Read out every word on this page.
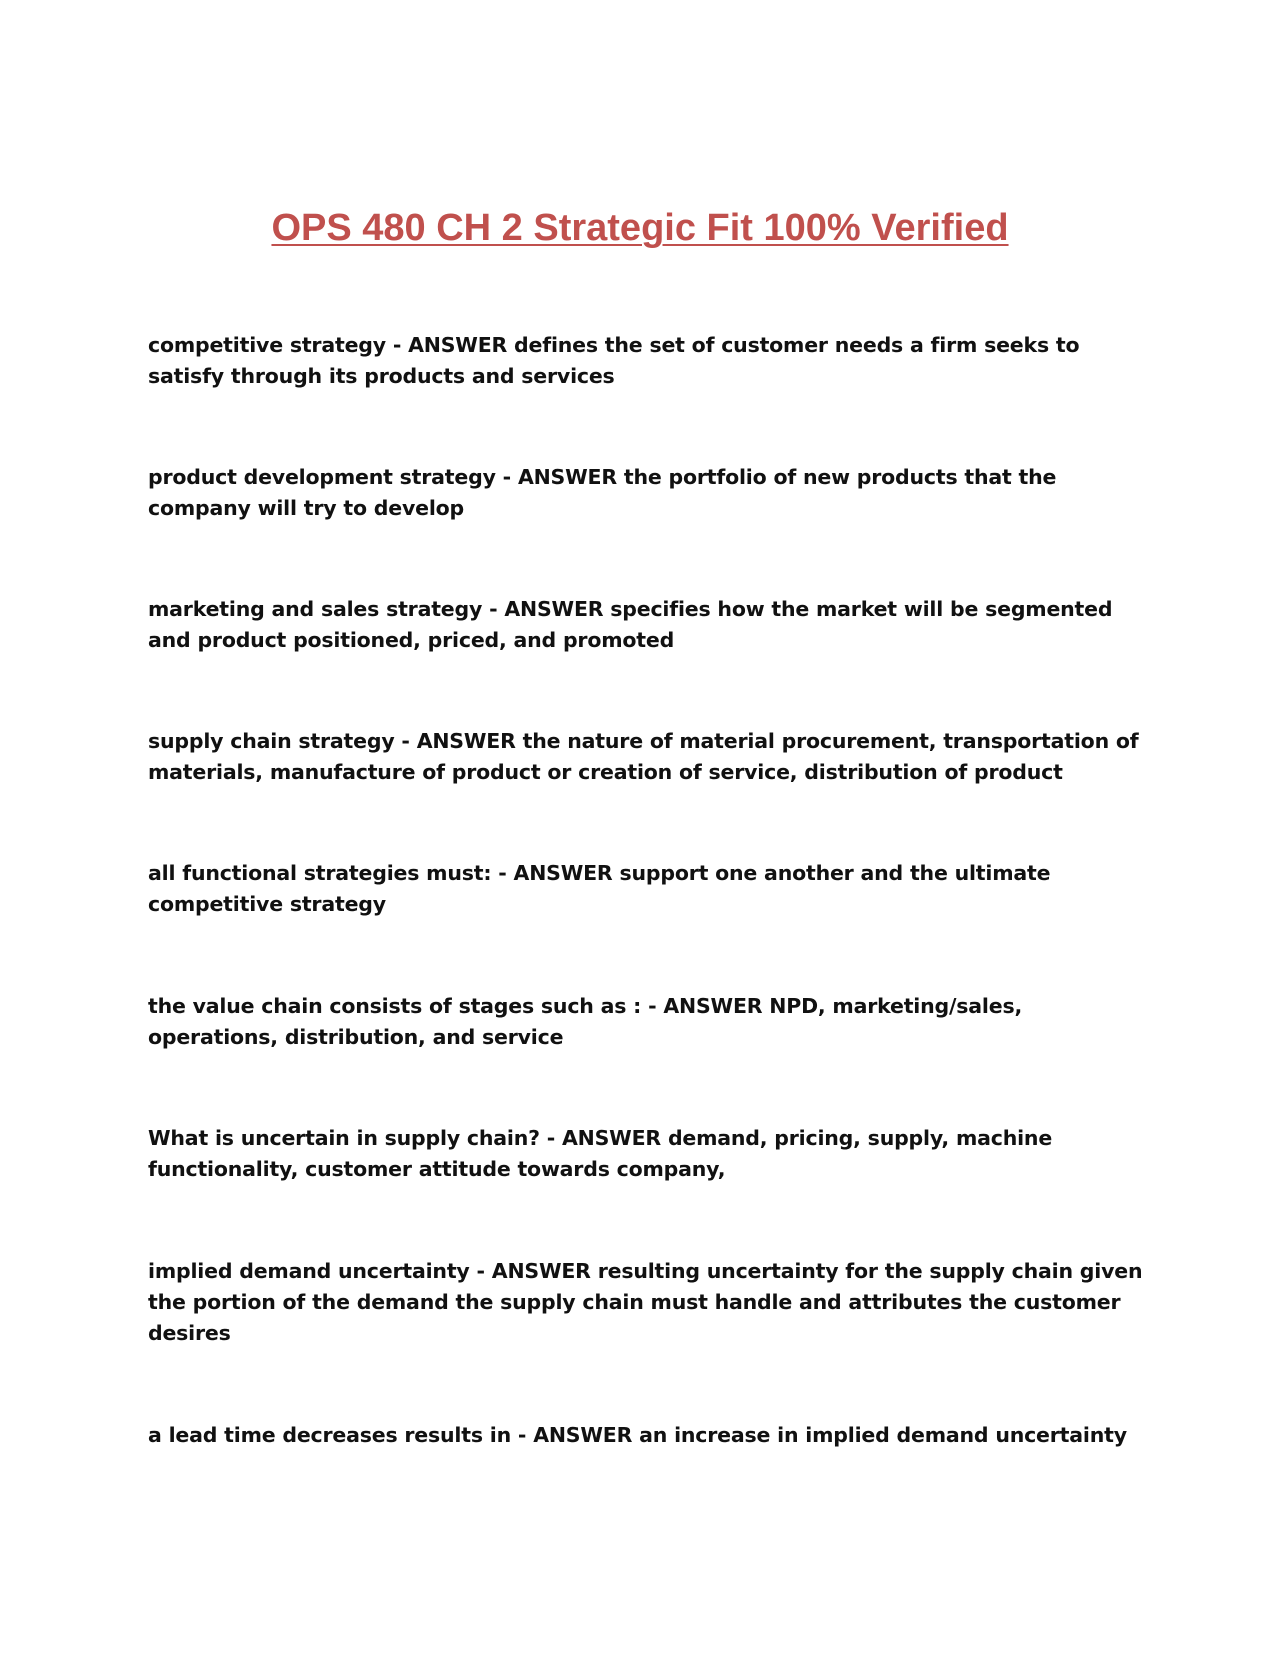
OPS 480 CH 2 Strategic Fit 100% Verified
competitive strategy - ANSWER defines the set of customer needs a firm seeks to satisfy through its products and services
product development strategy - ANSWER the portfolio of new products that the company will try to develop
marketing and sales strategy - ANSWER specifies how the market will be segmented and product positioned, priced, and promoted
supply chain strategy - ANSWER the nature of material procurement, transportation of materials, manufacture of product or creation of service, distribution of product
all functional strategies must: - ANSWER support one another and the ultimate competitive strategy
the value chain consists of stages such as : - ANSWER NPD, marketing/sales, operations, distribution, and service
What is uncertain in supply chain? - ANSWER demand, pricing, supply, machine functionality, customer attitude towards company,
implied demand uncertainty - ANSWER resulting uncertainty for the supply chain given the portion of the demand the supply chain must handle and attributes the customer desires
a lead time decreases results in - ANSWER an increase in implied demand uncertainty
